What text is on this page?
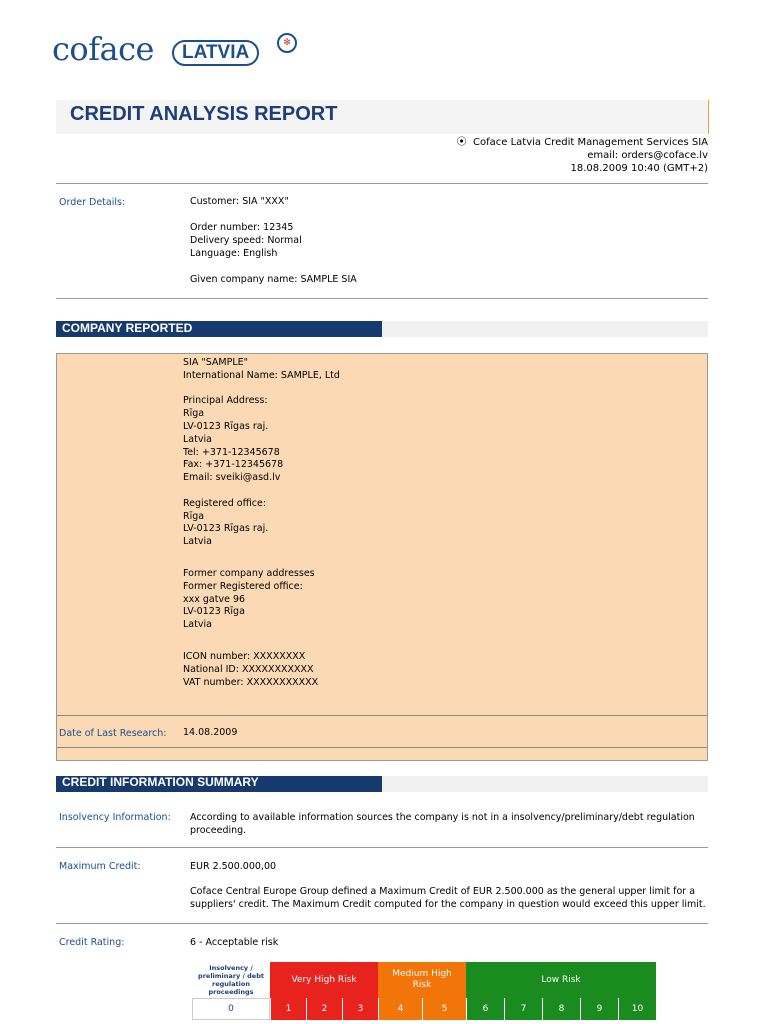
coface	LATVIA	✻
CREDIT ANALYSIS REPORT
⦿  Coface Latvia Credit Management Services SIA
email: orders@coface.lv
18.08.2009 10:40 (GMT+2)
Order Details:	Customer: SIA "XXX"
Order number: 12345
Delivery speed: Normal
Language: English
Given company name: SAMPLE SIA
COMPANY REPORTED
SIA "SAMPLE"
International Name: SAMPLE, Ltd
Principal Address:
Rīga
LV-0123 Rīgas raj.
Latvia
Tel: +371-12345678
Fax: +371-12345678
Email: sveiki@asd.lv
Registered office:
Rīga
LV-0123 Rīgas raj.
Latvia
Former company addresses
Former Registered office:
xxx gatve 96
LV-0123 Rīga
Latvia
ICON number: XXXXXXXX
National ID: XXXXXXXXXXX
VAT number: XXXXXXXXXXX
Date of Last Research: 14.08.2009
CREDIT INFORMATION SUMMARY
Insolvency Information: According to available information sources the company is not in a insolvency/preliminary/debt regulation
proceeding.
Maximum Credit:	EUR 2.500.000,00
Coface Central Europe Group defined a Maximum Credit of EUR 2.500.000 as the general upper limit for a
suppliers' credit. The Maximum Credit computed for the company in question would exceed this upper limit.
Credit Rating:	6 - Acceptable risk
Insolvency / preliminary / debt regulation proceedings
Very High Risk
Medium High Risk	Low Risk
0	1	2	3	4	5	6	7	8	9	10
